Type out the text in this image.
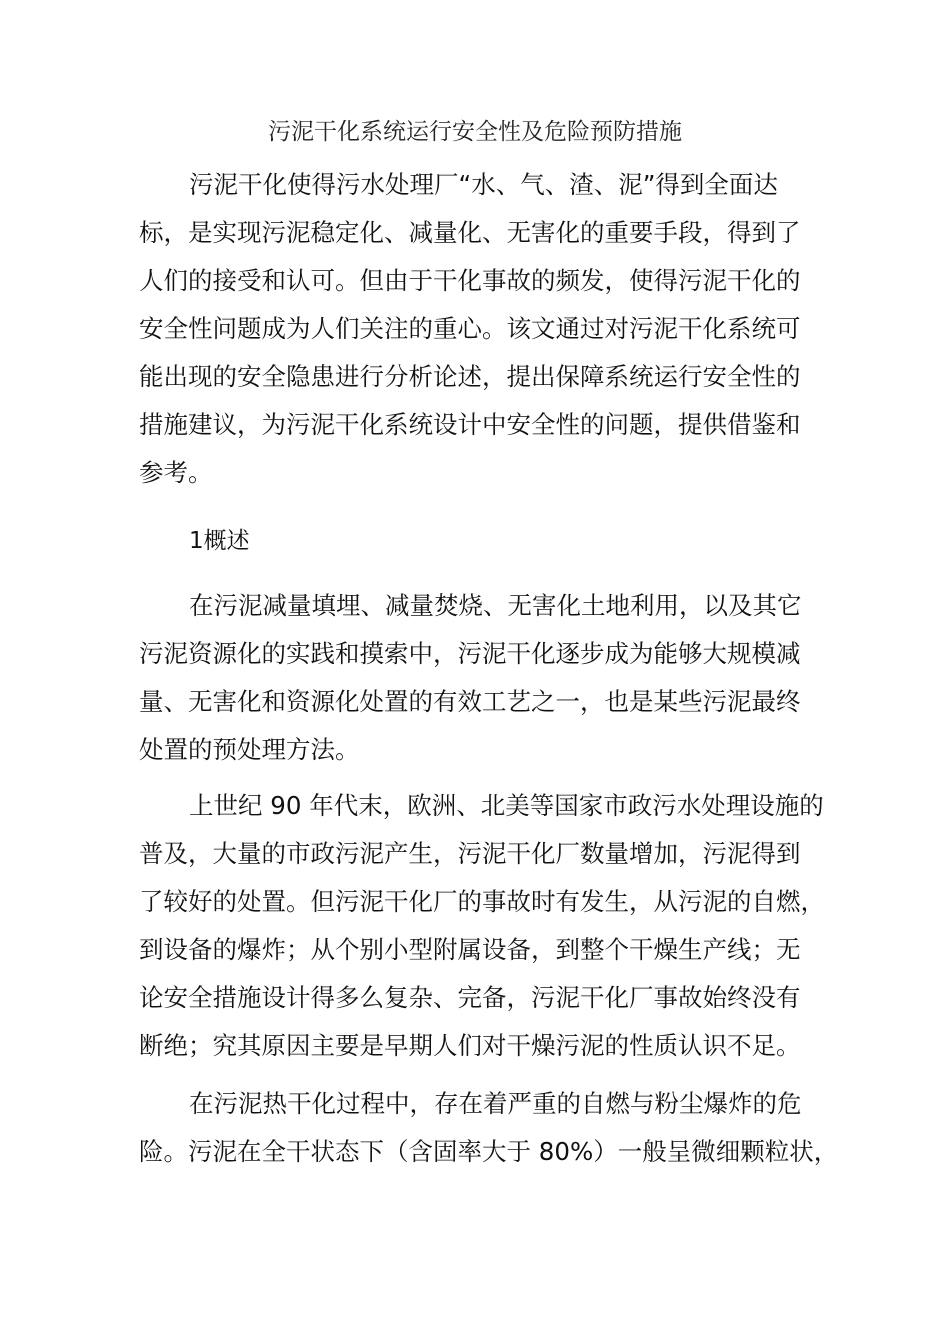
污泥干化系统运行安全性及危险预防措施
污泥干化使得污水处理厂“水、气、渣、泥”得到全面达
标，是实现污泥稳定化、减量化、无害化的重要手段，得到了
人们的接受和认可。但由于干化事故的频发，使得污泥干化的
安全性问题成为人们关注的重心。该文通过对污泥干化系统可
能出现的安全隐患进行分析论述，提出保障系统运行安全性的
措施建议，为污泥干化系统设计中安全性的问题，提供借鉴和
参考。
1概述
在污泥减量填埋、减量焚烧、无害化土地利用，以及其它
污泥资源化的实践和摸索中，污泥干化逐步成为能够大规模减
量、无害化和资源化处置的有效工艺之一，也是某些污泥最终
处置的预处理方法。
上世纪 90 年代末，欧洲、北美等国家市政污水处理设施的
普及，大量的市政污泥产生，污泥干化厂数量增加，污泥得到
了较好的处置。但污泥干化厂的事故时有发生，从污泥的自燃，
到设备的爆炸；从个别小型附属设备，到整个干燥生产线；无
论安全措施设计得多么复杂、完备，污泥干化厂事故始终没有
断绝；究其原因主要是早期人们对干燥污泥的性质认识不足。
在污泥热干化过程中，存在着严重的自燃与粉尘爆炸的危
险。污泥在全干状态下（含固率大于 80%）一般呈微细颗粒状，
